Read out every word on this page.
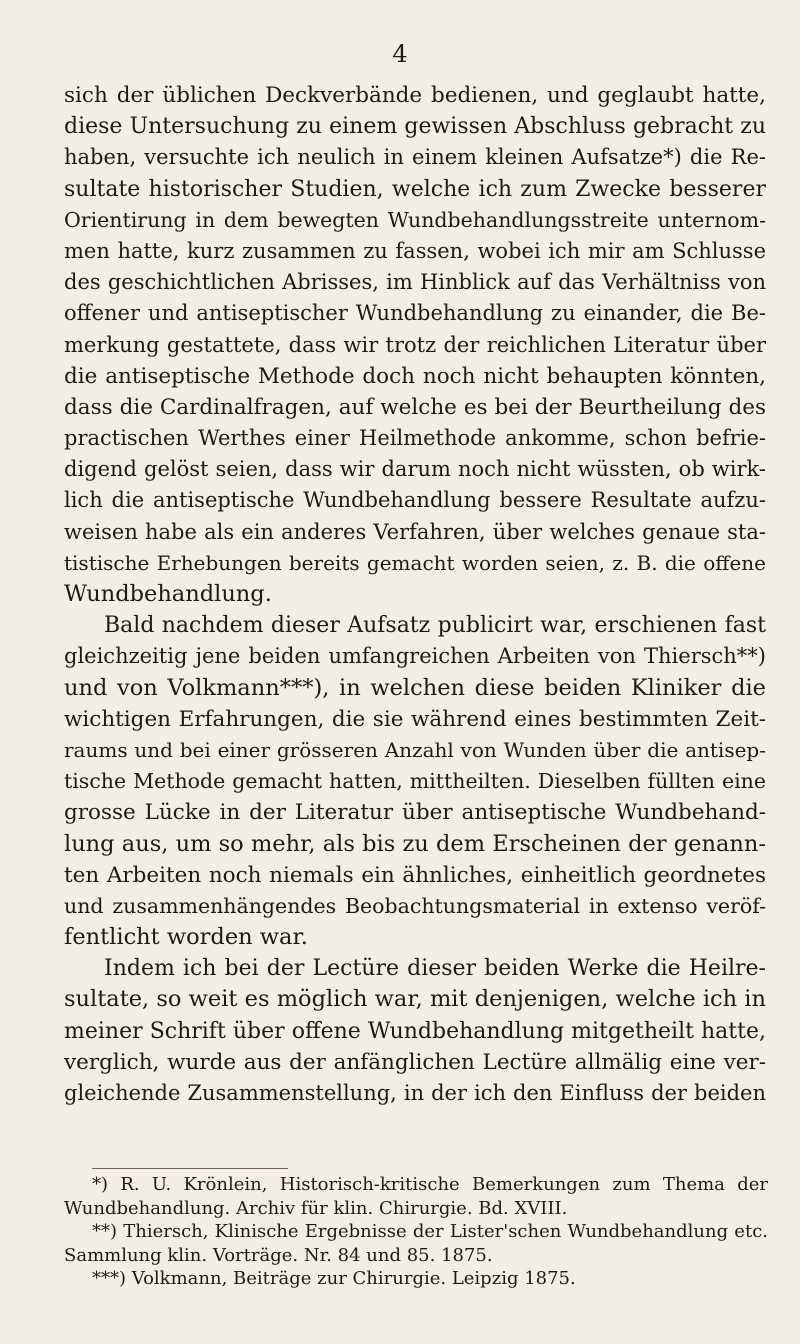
4
sich der üblichen Deckverbände bedienen, und geglaubt hatte,
diese Untersuchung zu einem gewissen Abschluss gebracht zu
haben, versuchte ich neulich in einem kleinen Aufsatze*) die Re-
sultate historischer Studien, welche ich zum Zwecke besserer
Orientirung in dem bewegten Wundbehandlungsstreite unternom-
men hatte, kurz zusammen zu fassen, wobei ich mir am Schlusse
des geschichtlichen Abrisses, im Hinblick auf das Verhältniss von
offener und antiseptischer Wundbehandlung zu einander, die Be-
merkung gestattete, dass wir trotz der reichlichen Literatur über
die antiseptische Methode doch noch nicht behaupten könnten,
dass die Cardinalfragen, auf welche es bei der Beurtheilung des
practischen Werthes einer Heilmethode ankomme, schon befrie-
digend gelöst seien, dass wir darum noch nicht wüssten, ob wirk-
lich die antiseptische Wundbehandlung bessere Resultate aufzu-
weisen habe als ein anderes Verfahren, über welches genaue sta-
tistische Erhebungen bereits gemacht worden seien, z. B. die offene
Wundbehandlung.
Bald nachdem dieser Aufsatz publicirt war, erschienen fast
gleichzeitig jene beiden umfangreichen Arbeiten von Thiersch**)
und von Volkmann***), in welchen diese beiden Kliniker die
wichtigen Erfahrungen, die sie während eines bestimmten Zeit-
raums und bei einer grösseren Anzahl von Wunden über die antisep-
tische Methode gemacht hatten, mittheilten. Dieselben füllten eine
grosse Lücke in der Literatur über antiseptische Wundbehand-
lung aus, um so mehr, als bis zu dem Erscheinen der genann-
ten Arbeiten noch niemals ein ähnliches, einheitlich geordnetes
und zusammenhängendes Beobachtungsmaterial in extenso veröf-
fentlicht worden war.
Indem ich bei der Lectüre dieser beiden Werke die Heilre-
sultate, so weit es möglich war, mit denjenigen, welche ich in
meiner Schrift über offene Wundbehandlung mitgetheilt hatte,
verglich, wurde aus der anfänglichen Lectüre allmälig eine ver-
gleichende Zusammenstellung, in der ich den Einfluss der beiden
*) R. U. Krönlein, Historisch-kritische Bemerkungen zum Thema der
Wundbehandlung. Archiv für klin. Chirurgie. Bd. XVIII.
**) Thiersch, Klinische Ergebnisse der Lister'schen Wundbehandlung etc.
Sammlung klin. Vorträge. Nr. 84 und 85. 1875.
***) Volkmann, Beiträge zur Chirurgie. Leipzig 1875.
